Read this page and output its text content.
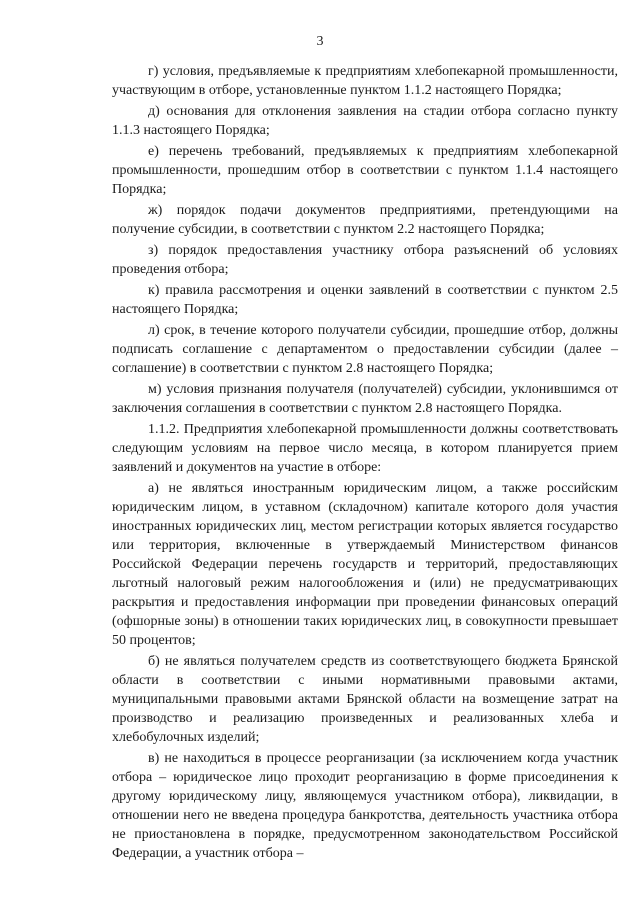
3

г) условия, предъявляемые к предприятиям хлебопекарной промышленности, участвующим в отборе, установленные пунктом 1.1.2 настоящего Порядка;

д) основания для отклонения заявления на стадии отбора согласно пункту 1.1.3 настоящего Порядка;

е) перечень требований, предъявляемых к предприятиям хлебопекарной промышленности, прошедшим отбор в соответствии с пунктом 1.1.4 настоящего Порядка;

ж) порядок подачи документов предприятиями, претендующими на получение субсидии, в соответствии с пунктом 2.2 настоящего Порядка;

з) порядок предоставления участнику отбора разъяснений об условиях проведения отбора;

к) правила рассмотрения и оценки заявлений в соответствии с пунктом 2.5 настоящего Порядка;

л) срок, в течение которого получатели субсидии, прошедшие отбор, должны подписать соглашение с департаментом о предоставлении субсидии (далее – соглашение) в соответствии с пунктом 2.8 настоящего Порядка;

м) условия признания получателя (получателей) субсидии, уклонившимся от заключения соглашения в соответствии с пунктом 2.8 настоящего Порядка.

1.1.2. Предприятия хлебопекарной промышленности должны соответствовать следующим условиям на первое число месяца, в котором планируется прием заявлений и документов на участие в отборе:

а) не являться иностранным юридическим лицом, а также российским юридическим лицом, в уставном (складочном) капитале которого доля участия иностранных юридических лиц, местом регистрации которых является государство или территория, включенные в утверждаемый Министерством финансов Российской Федерации перечень государств и территорий, предоставляющих льготный налоговый режим налогообложения и (или) не предусматривающих раскрытия и предоставления информации при проведении финансовых операций (офшорные зоны) в отношении таких юридических лиц, в совокупности превышает 50 процентов;

б) не являться получателем средств из соответствующего бюджета Брянской области в соответствии с иными нормативными правовыми актами, муниципальными правовыми актами Брянской области на возмещение затрат на производство и реализацию произведенных и реализованных хлеба и хлебобулочных изделий;

в) не находиться в процессе реорганизации (за исключением когда участник отбора – юридическое лицо проходит реорганизацию в форме присоединения к другому юридическому лицу, являющемуся участником отбора), ликвидации, в отношении него не введена процедура банкротства, деятельность участника отбора не приостановлена в порядке, предусмотренном законодательством Российской Федерации, а участник отбора –
